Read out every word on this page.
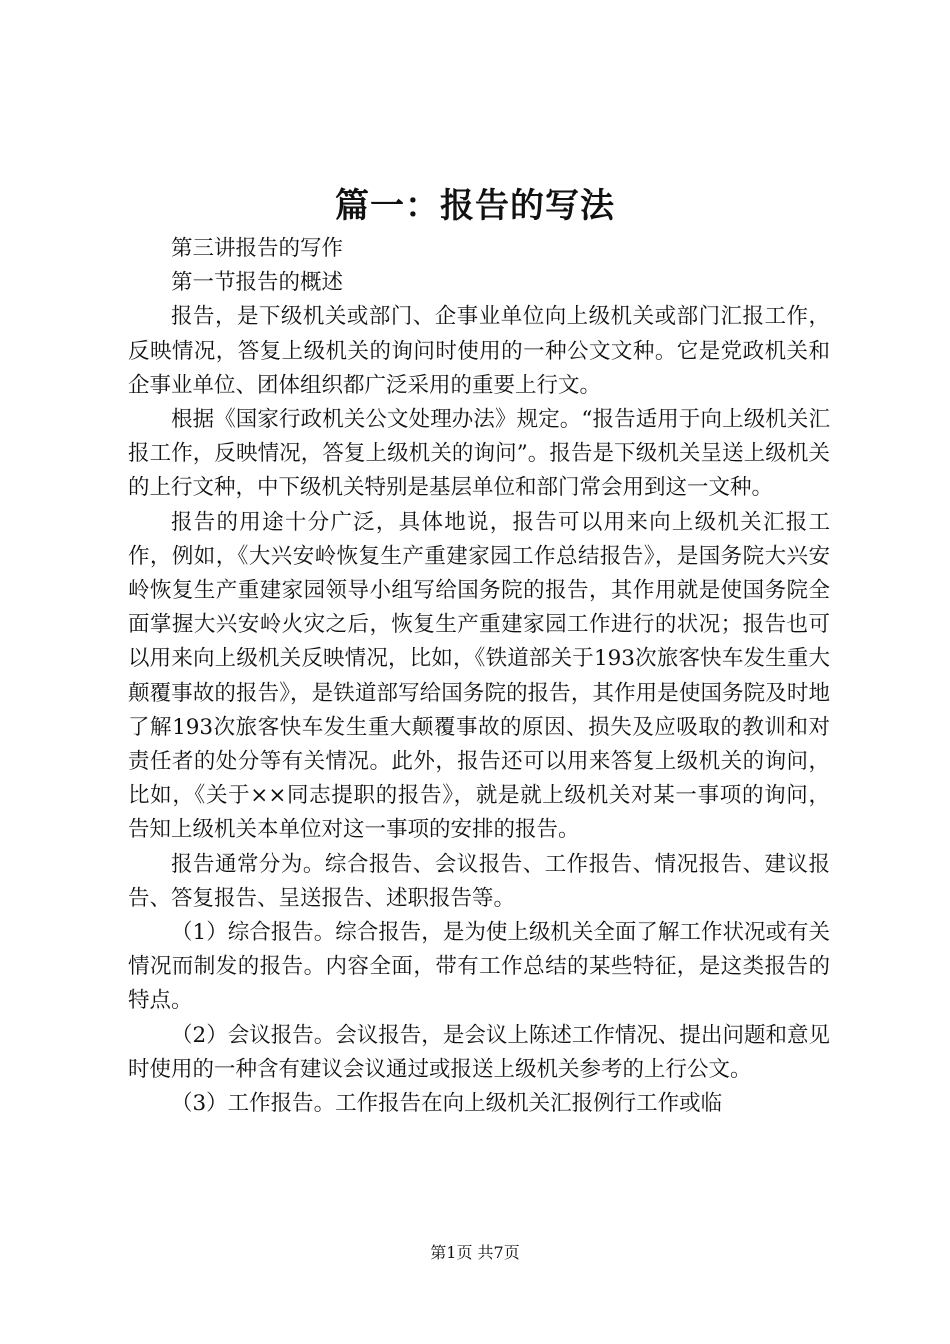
篇一：报告的写法

第三讲报告的写作

第一节报告的概述

报告，是下级机关或部门、企事业单位向上级机关或部门汇报工作，反映情况，答复上级机关的询问时使用的一种公文文种。它是党政机关和企事业单位、团体组织都广泛采用的重要上行文。

根据《国家行政机关公文处理办法》规定。“报告适用于向上级机关汇报工作，反映情况，答复上级机关的询问”。报告是下级机关呈送上级机关的上行文种，中下级机关特别是基层单位和部门常会用到这一文种。

报告的用途十分广泛，具体地说，报告可以用来向上级机关汇报工作，例如，《大兴安岭恢复生产重建家园工作总结报告》，是国务院大兴安岭恢复生产重建家园领导小组写给国务院的报告，其作用就是使国务院全面掌握大兴安岭火灾之后，恢复生产重建家园工作进行的状况；报告也可以用来向上级机关反映情况，比如，《铁道部关于193次旅客快车发生重大颠覆事故的报告》，是铁道部写给国务院的报告，其作用是使国务院及时地了解193次旅客快车发生重大颠覆事故的原因、损失及应吸取的教训和对责任者的处分等有关情况。此外，报告还可以用来答复上级机关的询问，比如，《关于××同志提职的报告》，就是就上级机关对某一事项的询问，告知上级机关本单位对这一事项的安排的报告。

报告通常分为。综合报告、会议报告、工作报告、情况报告、建议报告、答复报告、呈送报告、述职报告等。

（1）综合报告。综合报告，是为使上级机关全面了解工作状况或有关情况而制发的报告。内容全面，带有工作总结的某些特征，是这类报告的特点。

（2）会议报告。会议报告，是会议上陈述工作情况、提出问题和意见时使用的一种含有建议会议通过或报送上级机关参考的上行公文。

（3）工作报告。工作报告在向上级机关汇报例行工作或临

第1页 共7页
